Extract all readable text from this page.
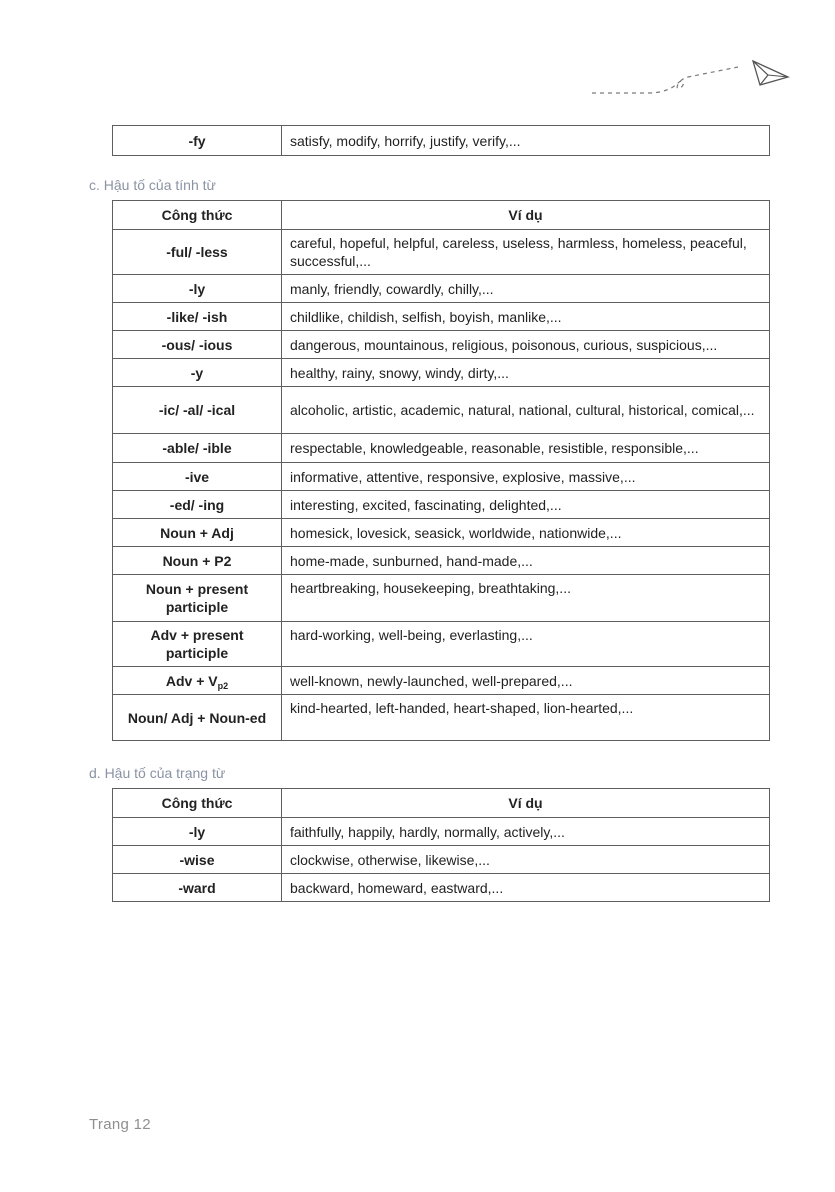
-fy	satisfy, modify, horrify, justify, verify,...
c. Hậu tố của tính từ
Công thức	Ví dụ
-ful/ -less	careful, hopeful, helpful, careless, useless, harmless, homeless, peaceful, successful,...
-ly	manly, friendly, cowardly, chilly,...
-like/ -ish	childlike, childish, selfish, boyish, manlike,...
-ous/ -ious	dangerous, mountainous, religious, poisonous, curious, suspicious,...
-y	healthy, rainy, snowy, windy, dirty,...
-ic/ -al/ -ical	alcoholic, artistic, academic, natural, national, cultural, historical, comical,...
-able/ -ible	respectable, knowledgeable, reasonable, resistible, responsible,...
-ive	informative, attentive, responsive, explosive, massive,...
-ed/ -ing	interesting, excited, fascinating, delighted,...
Noun + Adj	homesick, lovesick, seasick, worldwide, nationwide,...
Noun + P2	home-made, sunburned, hand-made,...
Noun + present participle	heartbreaking, housekeeping, breathtaking,...
Adv + present participle	hard-working, well-being, everlasting,...
Adv + $V_{p2}$	well-known, newly-launched, well-prepared,...
Noun/ Adj + Noun-ed	kind-hearted, left-handed, heart-shaped, lion-hearted,...
d. Hậu tố của trạng từ
Công thức	Ví dụ
-ly	faithfully, happily, hardly, normally, actively,...
-wise	clockwise, otherwise, likewise,...
-ward	backward, homeward, eastward,...
Trang 12
